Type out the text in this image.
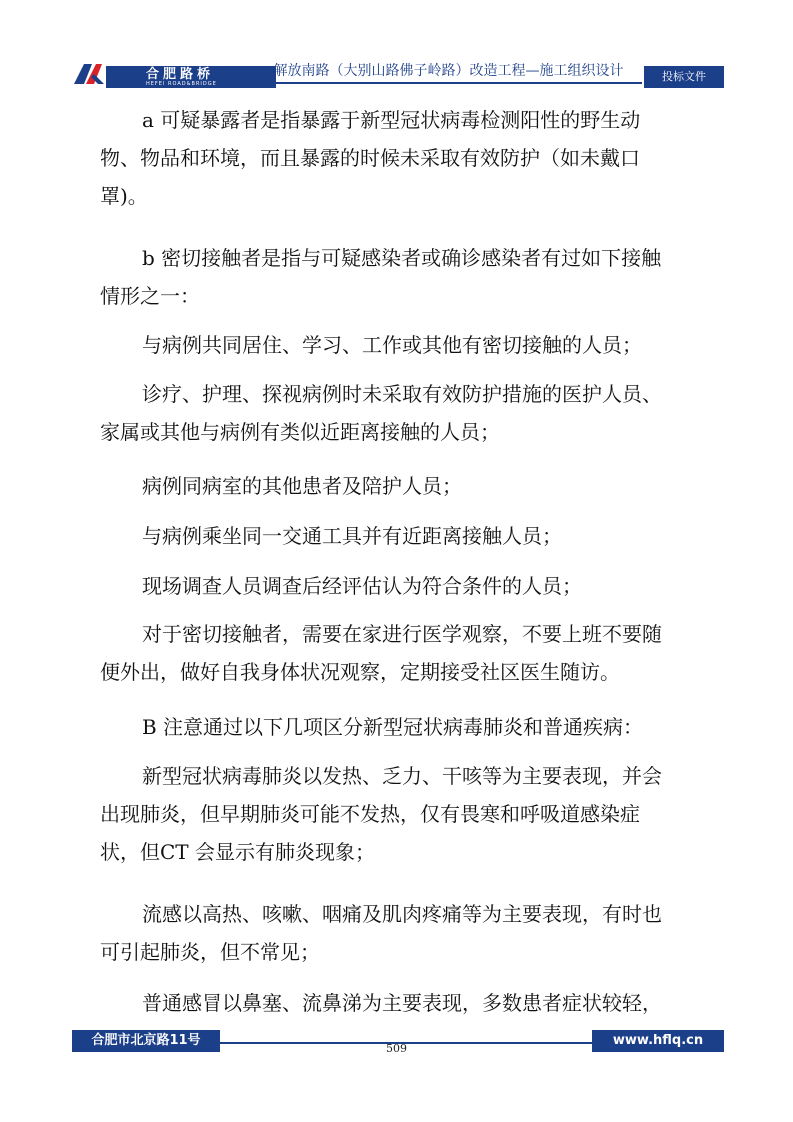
合肥路桥
HEFEI ROAD&BRIDGE
解放南路（大别山路佛子岭路）改造工程—施工组织设计	投标文件

a 可疑暴露者是指暴露于新型冠状病毒检测阳性的野生动
物、物品和环境，而且暴露的时候未采取有效防护（如未戴口
罩)。

b 密切接触者是指与可疑感染者或确诊感染者有过如下接触
情形之一：

与病例共同居住、学习、工作或其他有密切接触的人员；

诊疗、护理、探视病例时未采取有效防护措施的医护人员、
家属或其他与病例有类似近距离接触的人员；

病例同病室的其他患者及陪护人员；

与病例乘坐同一交通工具并有近距离接触人员；

现场调查人员调查后经评估认为符合条件的人员；

对于密切接触者，需要在家进行医学观察，不要上班不要随
便外出，做好自我身体状况观察，定期接受社区医生随访。

B 注意通过以下几项区分新型冠状病毒肺炎和普通疾病：

新型冠状病毒肺炎以发热、乏力、干咳等为主要表现，并会
出现肺炎，但早期肺炎可能不发热，仅有畏寒和呼吸道感染症
状，但CT 会显示有肺炎现象；

流感以高热、咳嗽、咽痛及肌肉疼痛等为主要表现，有时也
可引起肺炎，但不常见；

普通感冒以鼻塞、流鼻涕为主要表现，多数患者症状较轻，

合肥市北京路11号	www.hflq.cn
509
